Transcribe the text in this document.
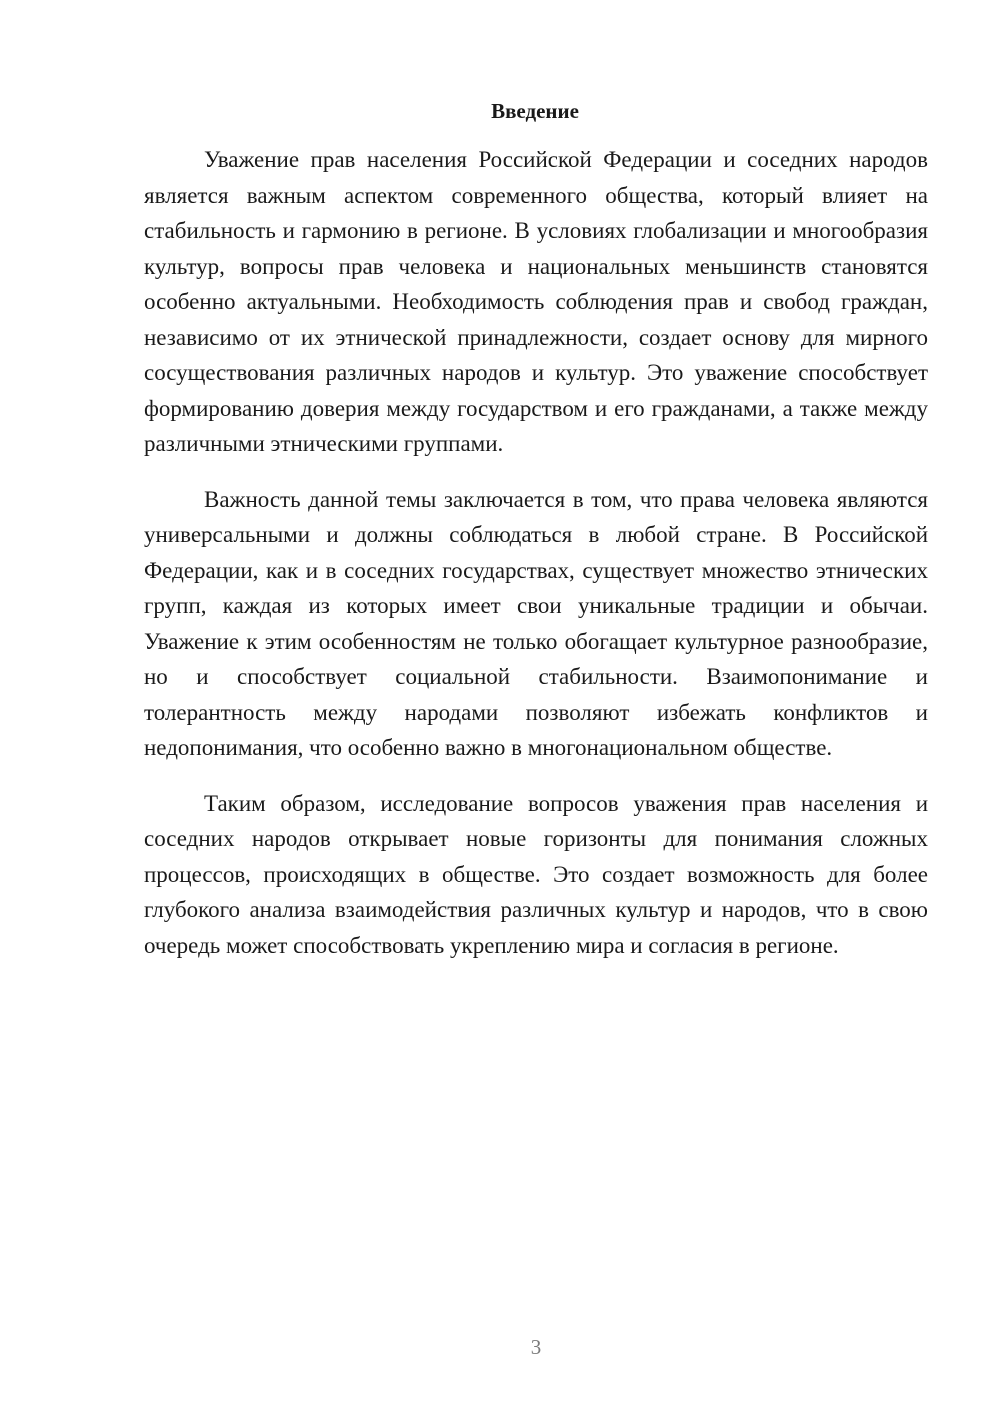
Введение

Уважение прав населения Российской Федерации и соседних народов является важным аспектом современного общества, который влияет на стабильность и гармонию в регионе. В условиях глобализации и многообразия культур, вопросы прав человека и национальных меньшинств становятся особенно актуальными. Необходимость соблюдения прав и свобод граждан, независимо от их этнической принадлежности, создает основу для мирного сосуществования различных народов и культур. Это уважение способствует формированию доверия между государством и его гражданами, а также между различными этническими группами.

Важность данной темы заключается в том, что права человека являются универсальными и должны соблюдаться в любой стране. В Российской Федерации, как и в соседних государствах, существует множество этнических групп, каждая из которых имеет свои уникальные традиции и обычаи. Уважение к этим особенностям не только обогащает культурное разнообразие, но и способствует социальной стабильности. Взаимопонимание и толерантность между народами позволяют избежать конфликтов и недопонимания, что особенно важно в многонациональном обществе.

Таким образом, исследование вопросов уважения прав населения и соседних народов открывает новые горизонты для понимания сложных процессов, происходящих в обществе. Это создает возможность для более глубокого анализа взаимодействия различных культур и народов, что в свою очередь может способствовать укреплению мира и согласия в регионе.

3
